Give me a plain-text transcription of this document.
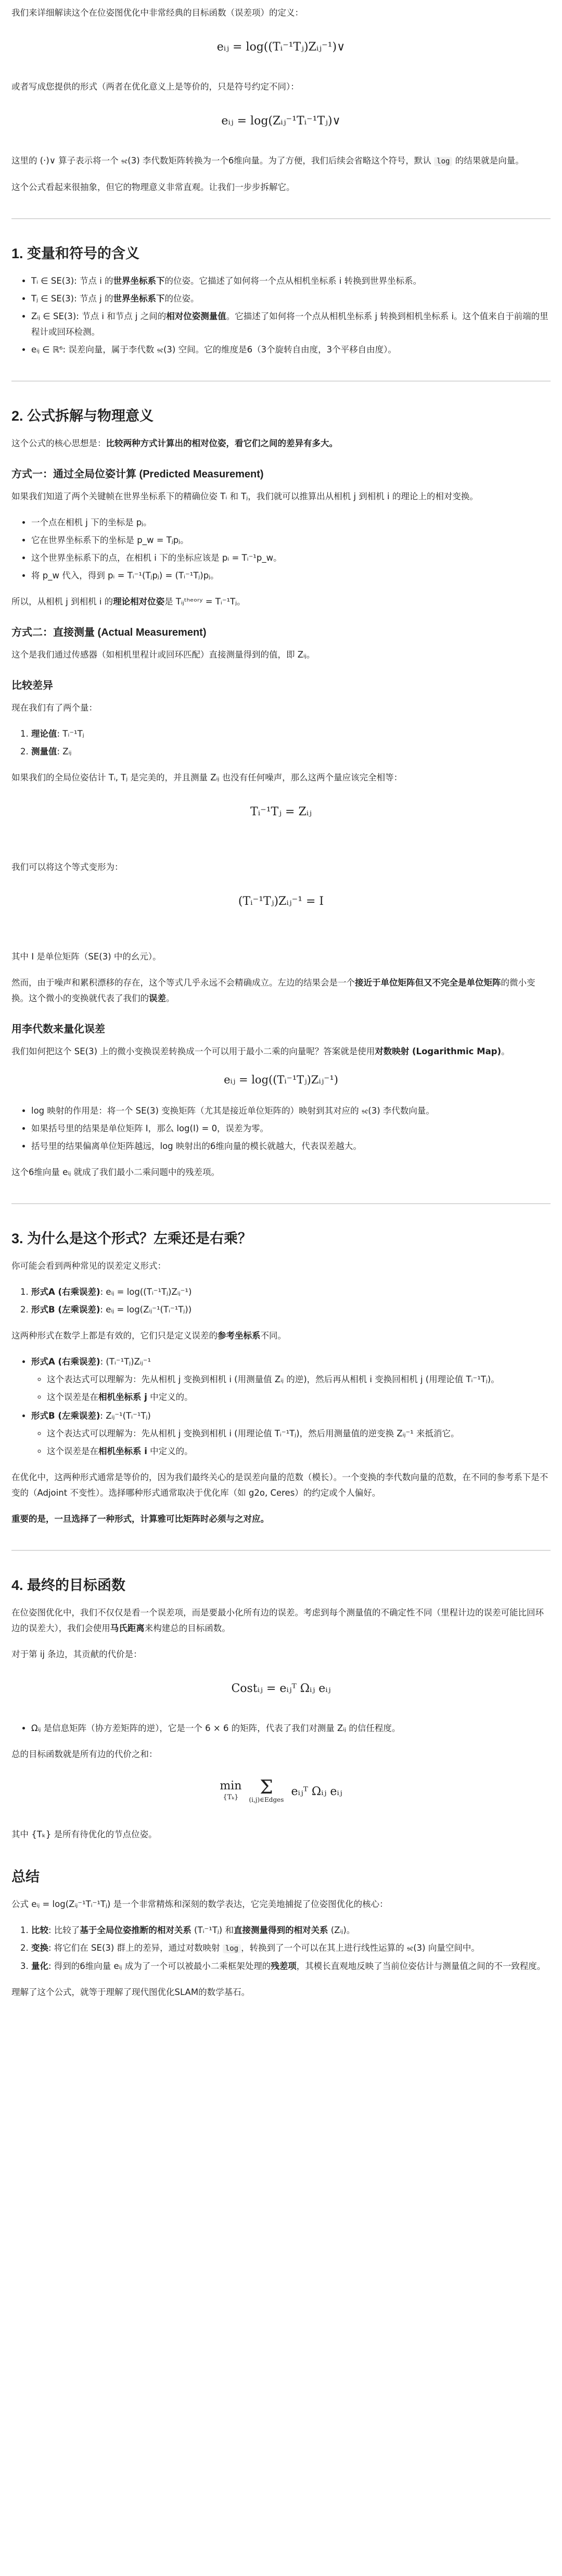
我们来详细解读这个在位姿图优化中非常经典的目标函数（误差项）的定义：

eᵢⱼ = log((Tᵢ⁻¹Tⱼ)Zᵢⱼ⁻¹)∨

或者写成您提供的形式（两者在优化意义上是等价的，只是符号约定不同）：

eᵢⱼ = log(Zᵢⱼ⁻¹Tᵢ⁻¹Tⱼ)∨

这里的 (·)∨ 算子表示将一个 𝔰𝔢(3) 李代数矩阵转换为一个6维向量。为了方便，我们后续会省略这个符号，默认 log 的结果就是向量。

这个公式看起来很抽象，但它的物理意义非常直观。让我们一步步拆解它。

1. 变量和符号的含义
• Tᵢ ∈ SE(3): 节点 i 的世界坐标系下的位姿。它描述了如何将一个点从相机坐标系 i 转换到世界坐标系。
• Tⱼ ∈ SE(3): 节点 j 的世界坐标系下的位姿。
• Zᵢⱼ ∈ SE(3): 节点 i 和节点 j 之间的相对位姿测量值。它描述了如何将一个点从相机坐标系 j 转换到相机坐标系 i。这个值来自于前端的里程计或回环检测。
• eᵢⱼ ∈ ℝ⁶: 误差向量，属于李代数 𝔰𝔢(3) 空间。它的维度是6（3个旋转自由度，3个平移自由度）。
2. 公式拆解与物理意义

这个公式的核心思想是：比较两种方式计算出的相对位姿，看它们之间的差异有多大。

方式一：通过全局位姿计算 (Predicted Measurement)

如果我们知道了两个关键帧在世界坐标系下的精确位姿 Tᵢ 和 Tⱼ，我们就可以推算出从相机 j 到相机 i 的理论上的相对变换。

• 一个点在相机 j 下的坐标是 pⱼ。
• 它在世界坐标系下的坐标是 p_w = Tⱼpⱼ。
• 这个世界坐标系下的点，在相机 i 下的坐标应该是 pᵢ = Tᵢ⁻¹p_w。
• 将 p_w 代入，得到 pᵢ = Tᵢ⁻¹(Tⱼpⱼ) = (Tᵢ⁻¹Tⱼ)pⱼ。

所以，从相机 j 到相机 i 的理论相对位姿是 Tᵢⱼᵗʰᵉᵒʳʸ = Tᵢ⁻¹Tⱼ。

方式二：直接测量 (Actual Measurement)

这个是我们通过传感器（如相机里程计或回环匹配）直接测量得到的值，即 Zᵢⱼ。

比较差异

现在我们有了两个量：

1. 理论值: Tᵢ⁻¹Tⱼ
2. 测量值: Zᵢⱼ

如果我们的全局位姿估计 Tᵢ, Tⱼ 是完美的，并且测量 Zᵢⱼ 也没有任何噪声，那么这两个量应该完全相等：

Tᵢ⁻¹Tⱼ = Zᵢⱼ

我们可以将这个等式变形为：

(Tᵢ⁻¹Tⱼ)Zᵢⱼ⁻¹ = I

其中 I 是单位矩阵（SE(3) 中的幺元）。

然而，由于噪声和累积漂移的存在，这个等式几乎永远不会精确成立。左边的结果会是一个接近于单位矩阵但又不完全是单位矩阵的微小变换。这个微小的变换就代表了我们的误差。

用李代数来量化误差

我们如何把这个 SE(3) 上的微小变换误差转换成一个可以用于最小二乘的向量呢？答案就是使用对数映射 (Logarithmic Map)。

eᵢⱼ = log((Tᵢ⁻¹Tⱼ)Zᵢⱼ⁻¹)
• log 映射的作用是：将一个 SE(3) 变换矩阵（尤其是接近单位矩阵的）映射到其对应的 𝔰𝔢(3) 李代数向量。
• 如果括号里的结果是单位矩阵 I，那么 log(I) = 0，误差为零。
• 括号里的结果偏离单位矩阵越远，log 映射出的6维向量的模长就越大，代表误差越大。

这个6维向量 eᵢⱼ 就成了我们最小二乘问题中的残差项。

3. 为什么是这个形式？左乘还是右乘？

你可能会看到两种常见的误差定义形式：

1. 形式A (右乘误差): eᵢⱼ = log((Tᵢ⁻¹Tⱼ)Zᵢⱼ⁻¹)
2. 形式B (左乘误差): eᵢⱼ = log(Zᵢⱼ⁻¹(Tᵢ⁻¹Tⱼ))

这两种形式在数学上都是有效的，它们只是定义误差的参考坐标系不同。

• 形式A (右乘误差): (Tᵢ⁻¹Tⱼ)Zᵢⱼ⁻¹
◦ 这个表达式可以理解为：先从相机 j 变换到相机 i (用测量值 Zᵢⱼ 的逆)，然后再从相机 i 变换回相机 j (用理论值 Tᵢ⁻¹Tⱼ)。
◦ 这个误差是在相机坐标系 j 中定义的。
• 形式B (左乘误差): Zᵢⱼ⁻¹(Tᵢ⁻¹Tⱼ)
◦ 这个表达式可以理解为：先从相机 j 变换到相机 i (用理论值 Tᵢ⁻¹Tⱼ)，然后用测量值的逆变换 Zᵢⱼ⁻¹ 来抵消它。
◦ 这个误差是在相机坐标系 i 中定义的。

在优化中，这两种形式通常是等价的，因为我们最终关心的是误差向量的范数（模长）。一个变换的李代数向量的范数，在不同的参考系下是不变的（Adjoint 不变性）。选择哪种形式通常取决于优化库（如 g2o, Ceres）的约定或个人偏好。

重要的是，一旦选择了一种形式，计算雅可比矩阵时必须与之对应。

4. 最终的目标函数

在位姿图优化中，我们不仅仅是看一个误差项，而是要最小化所有边的误差。考虑到每个测量值的不确定性不同（里程计边的误差可能比回环边的误差大），我们会使用马氏距离来构建总的目标函数。

对于第 ij 条边，其贡献的代价是：

Costᵢⱼ = eᵢⱼᵀ Ωᵢⱼ eᵢⱼ
• Ωᵢⱼ 是信息矩阵（协方差矩阵的逆），它是一个 6 × 6 的矩阵，代表了我们对测量 Zᵢⱼ 的信任程度。

总的目标函数就是所有边的代价之和：

min
{Tₖ} Σ
(i,j)∈Edges
eᵢⱼᵀ Ωᵢⱼ eᵢⱼ

其中 {Tₖ} 是所有待优化的节点位姿。

总结

公式 eᵢⱼ = log(Zᵢⱼ⁻¹Tᵢ⁻¹Tⱼ) 是一个非常精炼和深刻的数学表达，它完美地捕捉了位姿图优化的核心：

1. 比较: 比较了基于全局位姿推断的相对关系 (Tᵢ⁻¹Tⱼ) 和直接测量得到的相对关系 (Zᵢⱼ)。
2. 变换: 将它们在 SE(3) 群上的差异，通过对数映射 log ，转换到了一个可以在其上进行线性运算的 𝔰𝔢(3) 向量空间中。
3. 量化: 得到的6维向量 eᵢⱼ 成为了一个可以被最小二乘框架处理的残差项，其模长直观地反映了当前位姿估计与测量值之间的不一致程度。

理解了这个公式，就等于理解了现代图优化SLAM的数学基石。
